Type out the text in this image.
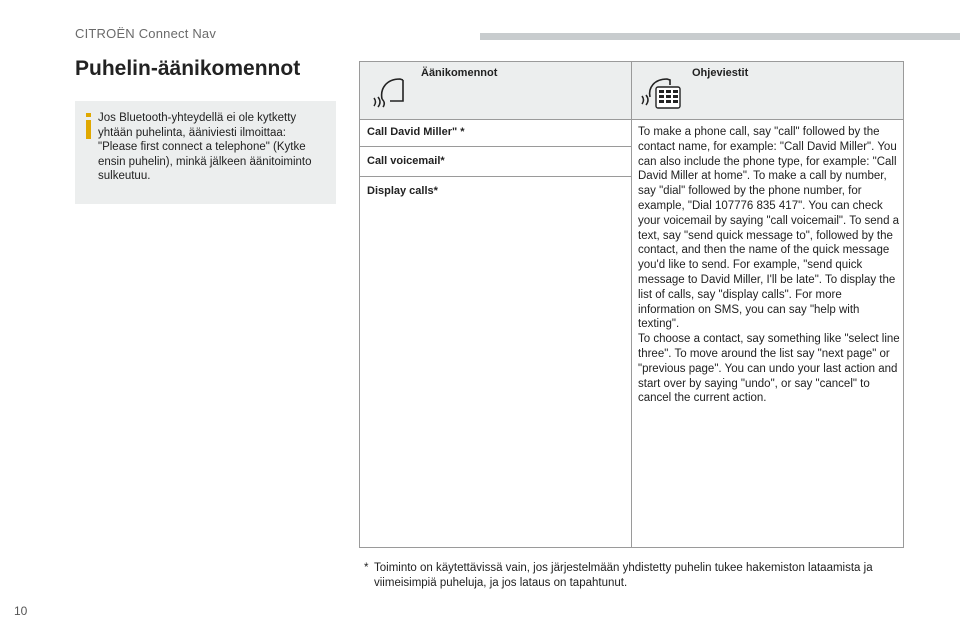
CITROËN Connect Nav
Puhelin-äänikomennot
Jos Bluetooth-yhteydellä ei ole kytketty yhtään puhelinta, ääniviesti ilmoittaa: "Please first connect a telephone" (Kytke ensin puhelin), minkä jälkeen äänitoiminto sulkeutuu.
Äänikomennot	Ohjeviestit
Call David Miller" *
Call voicemail*
Display calls*

To make a phone call, say "call" followed by the contact name, for example: "Call David Miller". You can also include the phone type, for example: "Call David Miller at home". To make a call by number, say "dial" followed by the phone number, for example, "Dial 107776 835 417". You can check your voicemail by saying "call voicemail". To send a text, say "send quick message to", followed by the contact, and then the name of the quick message you'd like to send. For example, "send quick message to David Miller, I'll be late". To display the list of calls, say "display calls". For more information on SMS, you can say "help with texting".

To choose a contact, say something like "select line three". To move around the list say "next page" or "previous page". You can undo your last action and start over by saying "undo", or say "cancel" to cancel the current action.

* Toiminto on käytettävissä vain, jos järjestelmään yhdistetty puhelin tukee hakemiston lataamista ja viimeisimpiä puheluja, ja jos lataus on tapahtunut.
10
